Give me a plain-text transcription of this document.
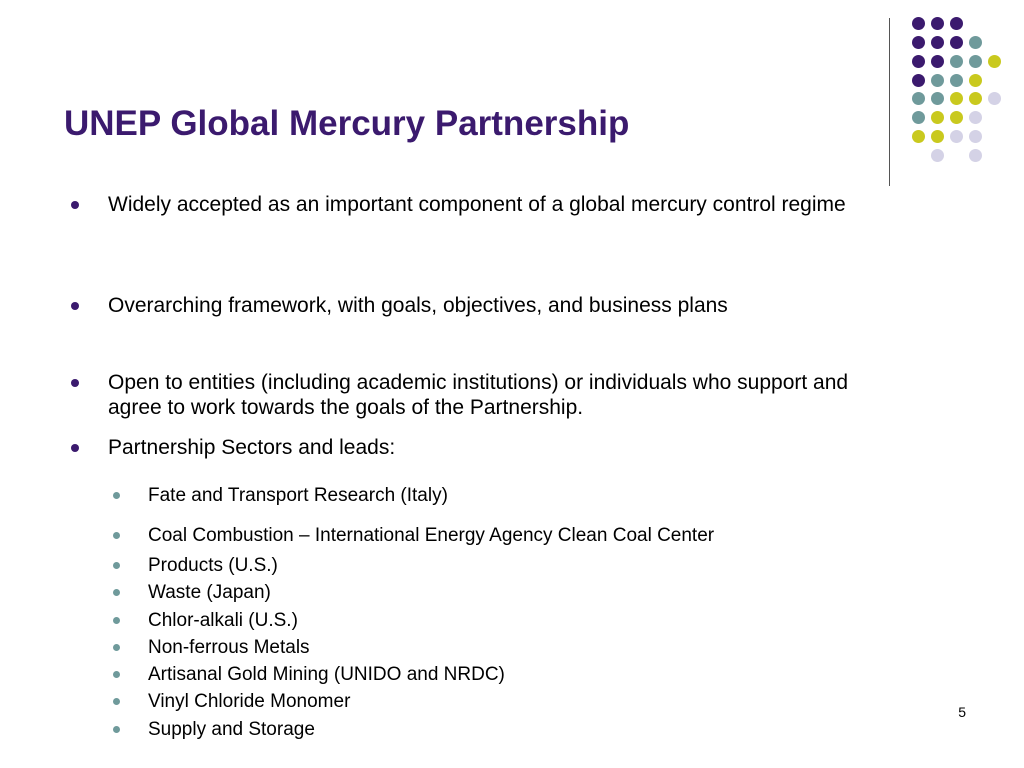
UNEP Global Mercury Partnership
Widely accepted as an important component of a global mercury control regime
Overarching framework, with goals, objectives, and business plans
Open to entities (including academic institutions) or individuals who support and agree to work towards the goals of the Partnership.
Partnership Sectors and leads:
Fate and Transport Research (Italy)
Coal Combustion – International Energy Agency Clean Coal Center
Products (U.S.)
Waste (Japan)
Chlor-alkali (U.S.)
Non-ferrous Metals
Artisanal Gold Mining (UNIDO and NRDC)
Vinyl Chloride Monomer
Supply and Storage
5
